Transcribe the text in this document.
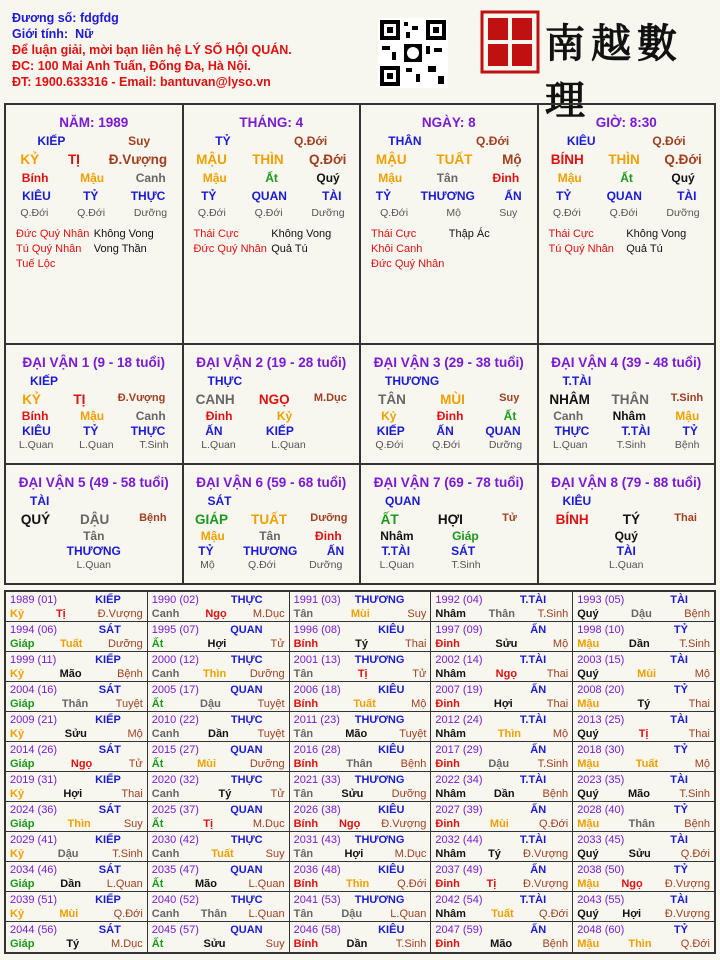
Đương số: fdgfdg
Giới tính: Nữ
Để luận giải, mời bạn liên hệ LÝ SỐ HỘI QUÁN.
ĐC: 100 Mai Anh Tuấn, Đống Đa, Hà Nội.
ĐT: 1900.633316 - Email: bantuvan@lyso.vn
南越數理
NĂM: 1989
KIẾP	Suy
KỶ TỊ Đ.Vượng
Bính	Mậu	Canh
KIÊU	TỶ	THỰC
Q.Đới	Q.Đới	Dưỡng
Đức Quý Nhân Không Vong
Tú Quý Nhân	Vong Thần
Tuế Lộc
THÁNG: 4
TỶ	Q.Đới
MẬU THÌN Q.Đới
Mậu	Ất	Quý
TỶ	QUAN	TÀI
Q.Đới	Q.Đới	Dưỡng
Thái Cực	Không Vong
Đức Quý Nhân Quả Tú
NGÀY: 8
THÂN	Q.Đới
MẬU TUẤT Mộ
Mậu	Tân	Đinh
TỶ THƯƠNG ẤN
Q.Đới	Mộ	Suy
Thái Cực	Thập Ác
Khôi Canh
Đức Quý Nhân
GIỜ: 8:30
KIÊU	Q.Đới
BÍNH THÌN Q.Đới
Mậu	Ất	Quý
TỶ	QUAN	TÀI
Q.Đới	Q.Đới	Dưỡng
Thái Cực	Không Vong
Tú Quý Nhân	Quả Tú
ĐẠI VẬN 1 (9 - 18 tuổi)
KIẾP
KỶ TỊ	Đ.Vượng
Bính	Mậu	Canh
KIÊU	TỶ	THỰC
L.Quan L.Quan T.Sinh
ĐẠI VẬN 2 (19 - 28 tuổi)
THỰC
CANH NGỌ M.Dục
Đinh	Kỷ
ẤN	KIẾP
L.Quan	L.Quan
ĐẠI VẬN 3 (29 - 38 tuổi)
THƯƠNG
TÂN	MÙI	Suy
Kỷ	Đinh	Ất
KIẾP	ẤN	QUAN
Q.Đới	Q.Đới	Dưỡng
ĐẠI VẬN 4 (39 - 48 tuổi)
T.TÀI
NHÂM THÂN T.Sinh
Canh Nhâm Mậu
THỰC	T.TÀI	TỶ
L.Quan	T.Sinh	Bệnh
ĐẠI VẬN 5 (49 - 58 tuổi)
TÀI
QUÝ DẬU	Bệnh
Tân
THƯƠNG
L.Quan
ĐẠI VẬN 6 (59 - 68 tuổi)
SÁT
GIÁP TUẤT Dưỡng
Mậu	Tân	Đinh
TỶ THƯƠNG ẤN
Mộ	Q.Đới	Dưỡng
ĐẠI VẬN 7 (69 - 78 tuổi)
QUAN
ẤT	HỢI	Tử
Nhâm	Giáp
T.TÀI	SÁT
L.Quan	T.Sinh
ĐẠI VẬN 8 (79 - 88 tuổi)
KIÊU
BÍNH	TÝ	Thai
Quý
TÀI
L.Quan
1989 (01)	KIẾP
Kỷ	Tị	Đ.Vượng
1990 (02)	THỰC
Canh Ngọ M.Dục
1991 (03) THƯƠNG
Tân	Mùi	Suy
1992 (04)	T.TÀI
Nhâm Thân T.Sinh
1993 (05)	TÀI
Quý	Dậu	Bệnh
1994 (06)	SÁT
Giáp Tuất Dưỡng
1995 (07)	QUAN
Ất	Hợi	Tử
1996 (08)	KIÊU
Bính	Tý	Thai
1997 (09)	ẤN
Đinh	Sửu	Mộ
1998 (10)	TỶ
Mậu	Dần	T.Sinh
1999 (11)	KIẾP
Kỷ	Mão	Bệnh
2000 (12)	THỰC
Canh Thìn Dưỡng
2001 (13) THƯƠNG
Tân	Tị	Tử
2002 (14)	T.TÀI
Nhâm	Ngọ	Thai
2003 (15)	TÀI
Quý	Mùi	Mộ
2004 (16)	SÁT
Giáp Thân Tuyệt
2005 (17)	QUAN
Ất	Dậu	Tuyệt
2006 (18)	KIÊU
Bính	Tuất	Mộ
2007 (19)	ẤN
Đinh	Hợi	Thai
2008 (20)	TỶ
Mậu	Tý	Thai
2009 (21)	KIẾP
Kỷ	Sửu	Mộ
2010 (22)	THỰC
Canh	Dần	Tuyệt
2011 (23) THƯƠNG
Tân	Mão	Tuyệt
2012 (24)	T.TÀI
Nhâm	Thìn	Mộ
2013 (25)	TÀI
Quý	Tị	Thai
2014 (26)	SÁT
Giáp	Ngọ	Tử
2015 (27)	QUAN
Ất	Mùi	Dưỡng
2016 (28)	KIÊU
Bính	Thân	Bệnh
2017 (29)	ẤN
Đinh	Dậu	T.Sinh
2018 (30)	TỶ
Mậu	Tuất	Mộ
2019 (31)	KIẾP
Kỷ	Hợi	Thai
2020 (32)	THỰC
Canh	Tý	Tử
2021 (33) THƯƠNG
Tân	Sửu	Dưỡng
2022 (34)	T.TÀI
Nhâm	Dần	Bệnh
2023 (35)	TÀI
Quý	Mão	T.Sinh
2024 (36)	SÁT
Giáp	Thìn	Suy
2025 (37)	QUAN
Ất	Tị	M.Dục
2026 (38)	KIÊU
Bính Ngọ Đ.Vượng
2027 (39)	ẤN
Đinh	Mùi	Q.Đới
2028 (40)	TỶ
Mậu	Thân	Bệnh
2029 (41)	KIẾP
Kỷ	Dậu	T.Sinh
2030 (42)	THỰC
Canh	Tuất	Suy
2031 (43) THƯƠNG
Tân	Hợi	M.Dục
2032 (44)	T.TÀI
Nhâm Tý Đ.Vượng
2033 (45)	TÀI
Quý	Sửu	Q.Đới
2034 (46)	SÁT
Giáp Dần L.Quan
2035 (47)	QUAN
Ất	Mão	L.Quan
2036 (48)	KIÊU
Bính	Thìn	Q.Đới
2037 (49)	ẤN
Đinh Tị Đ.Vượng
2038 (50)	TỶ
Mậu Ngọ Đ.Vượng
2039 (51)	KIẾP
Kỷ	Mùi	Q.Đới
2040 (52)	THỰC
Canh Thân L.Quan
2041 (53) THƯƠNG
Tân	Dậu	L.Quan
2042 (54)	T.TÀI
Nhâm Tuất Q.Đới
2043 (55)	TÀI
Quý Hợi Đ.Vượng
2044 (56)	SÁT
Giáp	Tý	M.Dục
2045 (57)	QUAN
Ất	Sửu	Suy
2046 (58)	KIÊU
Bính	Dần	T.Sinh
2047 (59)	ẤN
Đinh	Mão	Bệnh
2048 (60)	TỶ
Mậu	Thìn	Q.Đới
